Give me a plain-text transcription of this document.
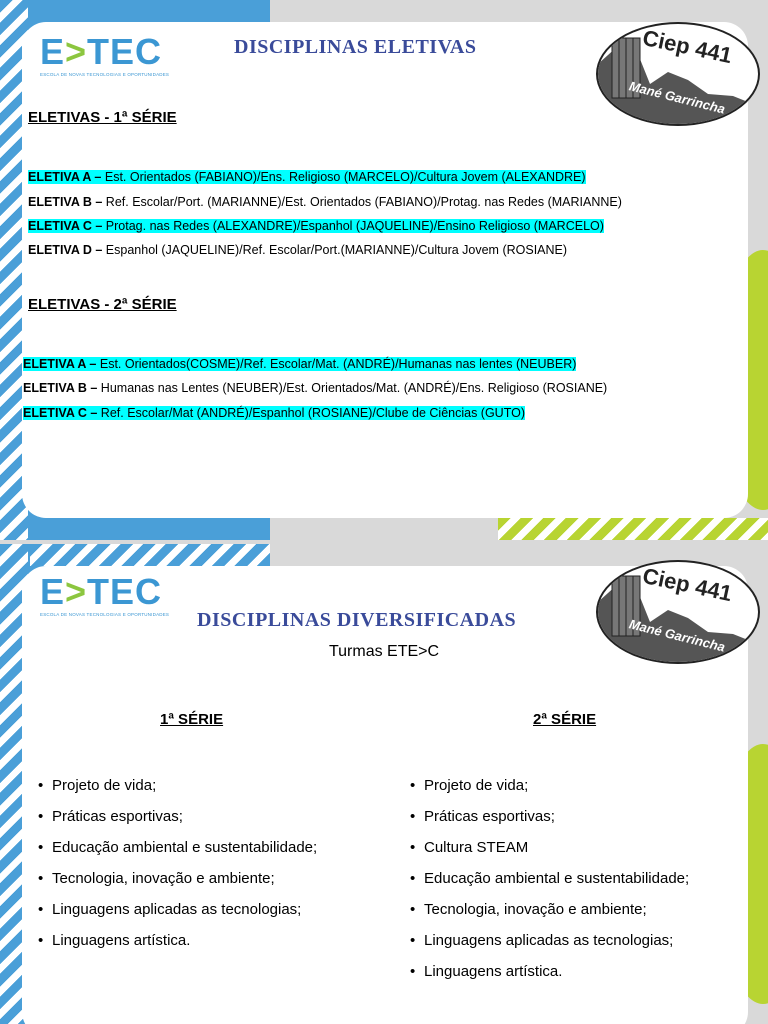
E>TEC
ESCOLA DE NOVAS TECNOLOGIAS E OPORTUNIDADES
DISCIPLINAS ELETIVAS	Ciep 441
Mané Garrincha
ELETIVAS - 1ª SÉRIE
ELETIVA A – Est. Orientados (FABIANO)/Ens. Religioso (MARCELO)/Cultura Jovem (ALEXANDRE)
ELETIVA B – Ref. Escolar/Port. (MARIANNE)/Est. Orientados (FABIANO)/Protag. nas Redes (MARIANNE)
ELETIVA C – Protag. nas Redes (ALEXANDRE)/Espanhol (JAQUELINE)/Ensino Religioso (MARCELO)
ELETIVA D – Espanhol (JAQUELINE)/Ref. Escolar/Port.(MARIANNE)/Cultura Jovem (ROSIANE)
ELETIVAS - 2ª SÉRIE
ELETIVA A – Est. Orientados(COSME)/Ref. Escolar/Mat. (ANDRÉ)/Humanas nas lentes (NEUBER)
ELETIVA B – Humanas nas Lentes (NEUBER)/Est. Orientados/Mat. (ANDRÉ)/Ens. Religioso (ROSIANE)
ELETIVA C – Ref. Escolar/Mat (ANDRÉ)/Espanhol (ROSIANE)/Clube de Ciências (GUTO)
E>TEC
ESCOLA DE NOVAS TECNOLOGIAS E OPORTUNIDADES
Ciep 441
Mané Garrincha
DISCIPLINAS DIVERSIFICADAS
Turmas ETE>C
1ª SÉRIE	2ª SÉRIE
• Projeto de vida;
• Práticas esportivas;
• Educação ambiental e sustentabilidade;
• Tecnologia, inovação e ambiente;
• Linguagens aplicadas as tecnologias;
• Linguagens artística.
• Projeto de vida;
• Práticas esportivas;
• Cultura STEAM
• Educação ambiental e sustentabilidade;
• Tecnologia, inovação e ambiente;
• Linguagens aplicadas as tecnologias;
• Linguagens artística.
